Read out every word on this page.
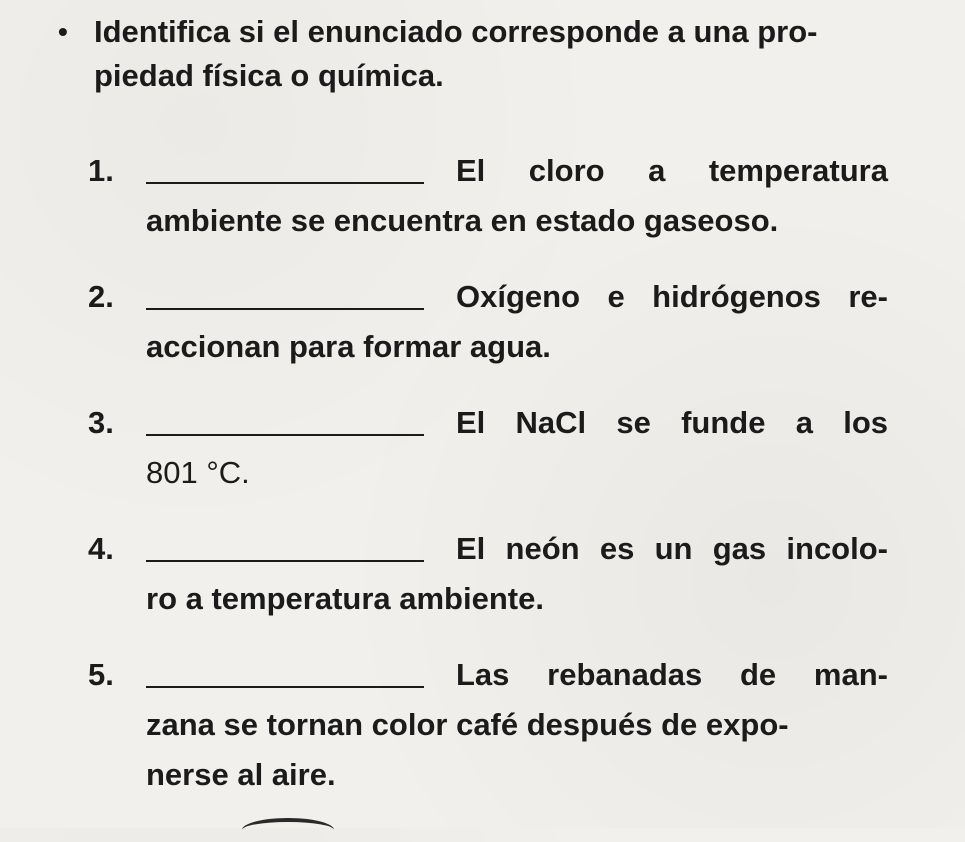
• Identifica si el enunciado corresponde a una pro-
piedad física o química.
1.	El cloro a temperatura
ambiente se encuentra en estado gaseoso.
2.	Oxígeno e hidrógenos re-
accionan para formar agua.
3.	El NaCl se funde a los
801 °C.
4.	El neón es un gas incolo-
ro a temperatura ambiente.
5.	Las rebanadas de man-
zana se tornan color café después de expo-
nerse al aire.
